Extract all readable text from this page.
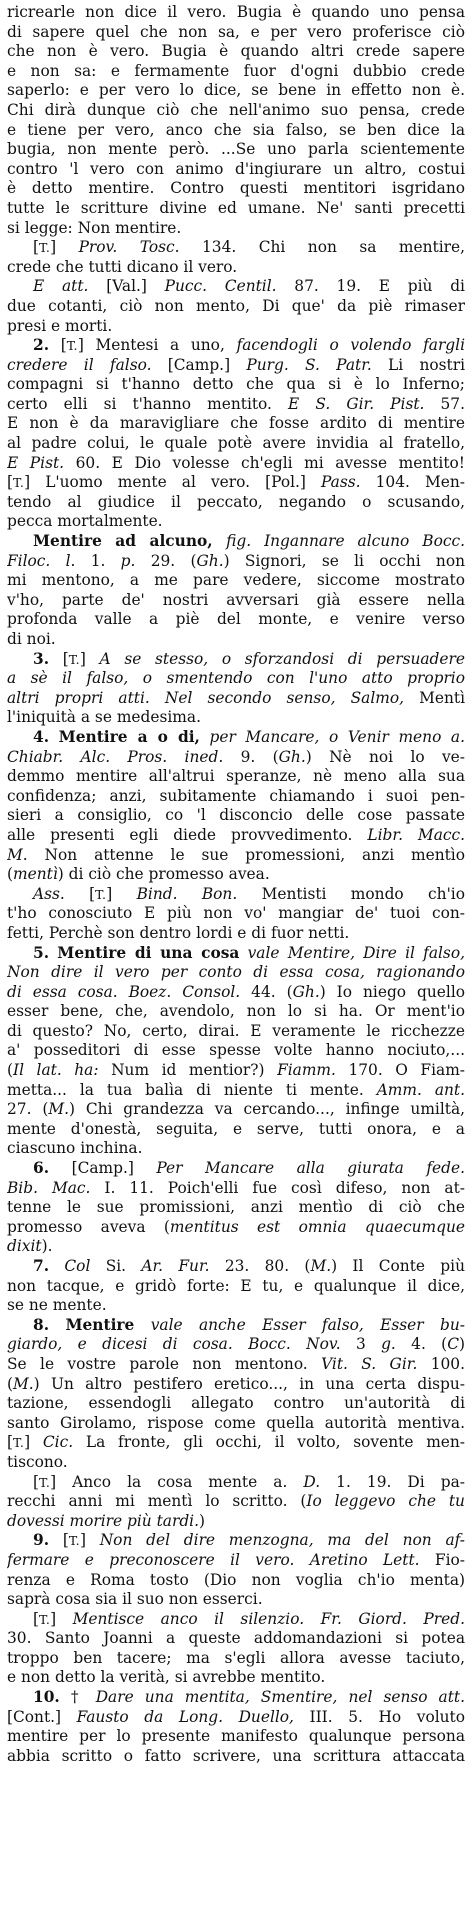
ricrearle non dice il vero. Bugia è quando uno pensa
di sapere quel che non sa, e per vero proferisce ciò
che non è vero. Bugia è quando altri crede sapere
e non sa: e fermamente fuor d'ogni dubbio crede
saperlo: e per vero lo dice, se bene in effetto non è.
Chi dirà dunque ciò che nell'animo suo pensa, crede
e tiene per vero, anco che sia falso, se ben dice la
bugia, non mente però. ...Se uno parla scientemente
contro 'l vero con animo d'ingiurare un altro, costui
è detto mentire. Contro questi mentitori isgridano
tutte le scritture divine ed umane. Ne' santi precetti
si legge: Non mentire.
[T.] Prov. Tosc. 134. Chi non sa mentire,
crede che tutti dicano il vero.
E att. [Val.] Pucc. Centil. 87. 19. E più di
due cotanti, ciò non mento, Di que' da piè rimaser
presi e morti.
2. [T.] Mentesi a uno, facendogli o volendo fargli
credere il falso. [Camp.] Purg. S. Patr. Li nostri
compagni si t'hanno detto che qua si è lo Inferno;
certo elli si t'hanno mentito. E S. Gir. Pist. 57.
E non è da maravigliare che fosse ardito di mentire
al padre colui, le quale potè avere invidia al fratello,
E Pist. 60. E Dio volesse ch'egli mi avesse mentito!
[T.] L'uomo mente al vero. [Pol.] Pass. 104. Men-
tendo al giudice il peccato, negando o scusando,
pecca mortalmente.
Mentire ad alcuno, fig. Ingannare alcuno Bocc.
Filoc. l. 1. p. 29. (Gh.) Signori, se li occhi non
mi mentono, a me pare vedere, siccome mostrato
v'ho, parte de' nostri avversari già essere nella
profonda valle a piè del monte, e venire verso
di noi.
3. [T.] A se stesso, o sforzandosi di persuadere
a sè il falso, o smentendo con l'uno atto proprio
altri propri atti. Nel secondo senso, Salmo, Mentì
l'iniquità a se medesima.
4. Mentire a o di, per Mancare, o Venir meno a.
Chiabr. Alc. Pros. ined. 9. (Gh.) Nè noi lo ve-
demmo mentire all'altrui speranze, nè meno alla sua
confidenza; anzi, subitamente chiamando i suoi pen-
sieri a consiglio, co 'l disconcio delle cose passate
alle presenti egli diede provvedimento. Libr. Macc.
M. Non attenne le sue promessioni, anzi mentìo
(mentì) di ciò che promesso avea.
Ass. [T.] Bind. Bon. Mentisti mondo ch'io
t'ho conosciuto E più non vo' mangiar de' tuoi con-
fetti, Perchè son dentro lordi e di fuor netti.
5. Mentire di una cosa vale Mentire, Dire il falso,
Non dire il vero per conto di essa cosa, ragionando
di essa cosa. Boez. Consol. 44. (Gh.) Io niego quello
esser bene, che, avendolo, non lo si ha. Or ment'io
di questo? No, certo, dirai. E veramente le ricchezze
a' posseditori di esse spesse volte hanno nociuto,...
(Il lat. ha: Num id mentior?) Fiamm. 170. O Fiam-
metta... la tua balìa di niente ti mente. Amm. ant.
27. (M.) Chi grandezza va cercando..., infinge umiltà,
mente d'onestà, seguita, e serve, tutti onora, e a
ciascuno inchina.
6. [Camp.] Per Mancare alla giurata fede.
Bib. Mac. I. 11. Poich'elli fue così difeso, non at-
tenne le sue promissioni, anzi mentìo di ciò che
promesso aveva (mentitus est omnia quaecumque
dixit).
7. Col Si. Ar. Fur. 23. 80. (M.) Il Conte più
non tacque, e gridò forte: E tu, e qualunque il dice,
se ne mente.
8. Mentire vale anche Esser falso, Esser bu-
giardo, e dicesi di cosa. Bocc. Nov. 3 g. 4. (C)
Se le vostre parole non mentono. Vit. S. Gir. 100.
(M.) Un altro pestifero eretico..., in una certa dispu-
tazione, essendogli allegato contro un'autorità di
santo Girolamo, rispose come quella autorità mentiva.
[T.] Cic. La fronte, gli occhi, il volto, sovente men-
tiscono.
[T.] Anco la cosa mente a. D. 1. 19. Di pa-
recchi anni mi mentì lo scritto. (Io leggevo che tu
dovessi morire più tardi.)
9. [T.] Non del dire menzogna, ma del non af-
fermare e preconoscere il vero. Aretino Lett. Fio-
renza e Roma tosto (Dio non voglia ch'io menta)
saprà cosa sia il suo non esserci.
[T.] Mentisce anco il silenzio. Fr. Giord. Pred.
30. Santo Joanni a queste addomandazioni si potea
troppo ben tacere; ma s'egli allora avesse taciuto,
e non detto la verità, si avrebbe mentito.
10. † Dare una mentita, Smentire, nel senso att.
[Cont.] Fausto da Long. Duello, III. 5. Ho voluto
mentire per lo presente manifesto qualunque persona
abbia scritto o fatto scrivere, una scrittura attaccata
